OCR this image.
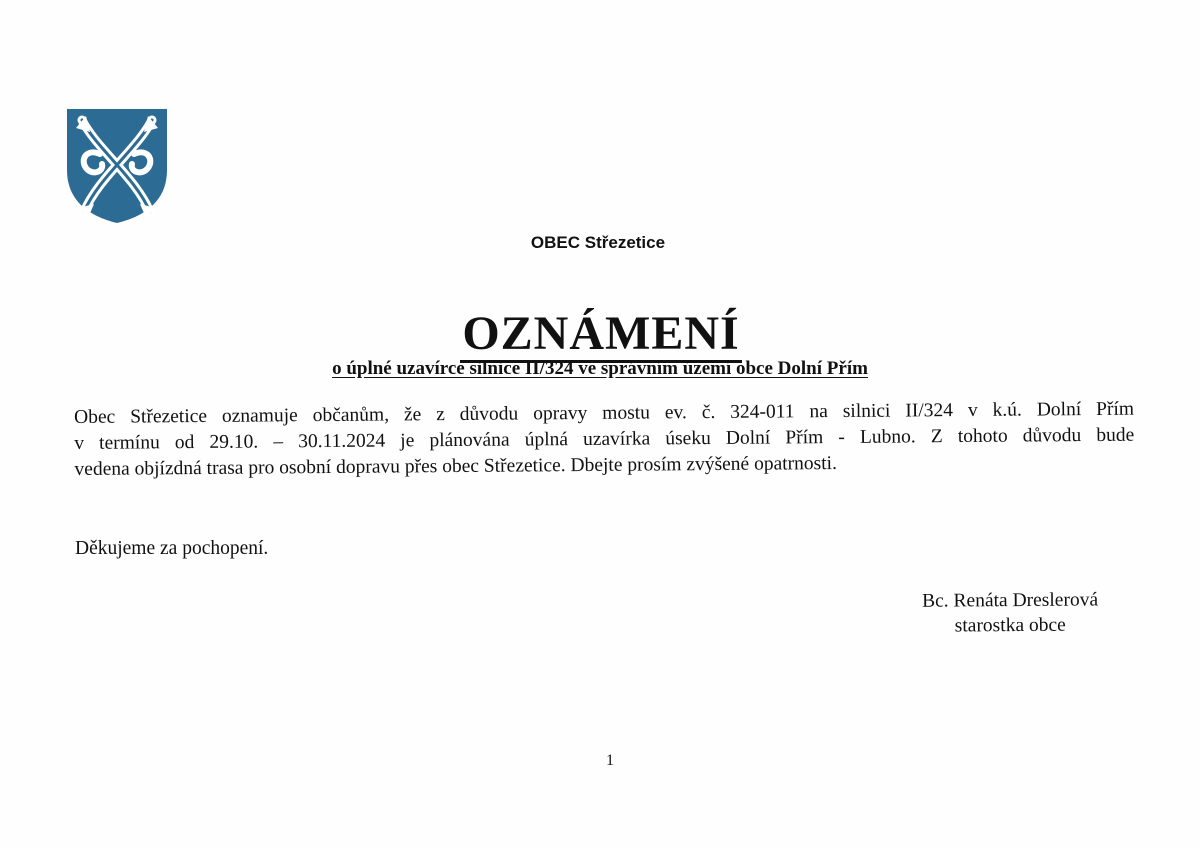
OBEC Střezetice
OZNÁMENÍ
o úplné uzavírce silnice II/324 ve správním území obce Dolní Přím
Obec Střezetice oznamuje občanům, že z důvodu opravy mostu ev. č. 324-011 na silnici II/324 v k.ú. Dolní Přím
v termínu od 29.10. – 30.11.2024 je plánována úplná uzavírka úseku Dolní Přím - Lubno. Z tohoto důvodu bude
vedena objízdná trasa pro osobní dopravu přes obec Střezetice. Dbejte prosím zvýšené opatrnosti.
Děkujeme za pochopení.
Bc. Renáta Dreslerová
starostka obce
1
